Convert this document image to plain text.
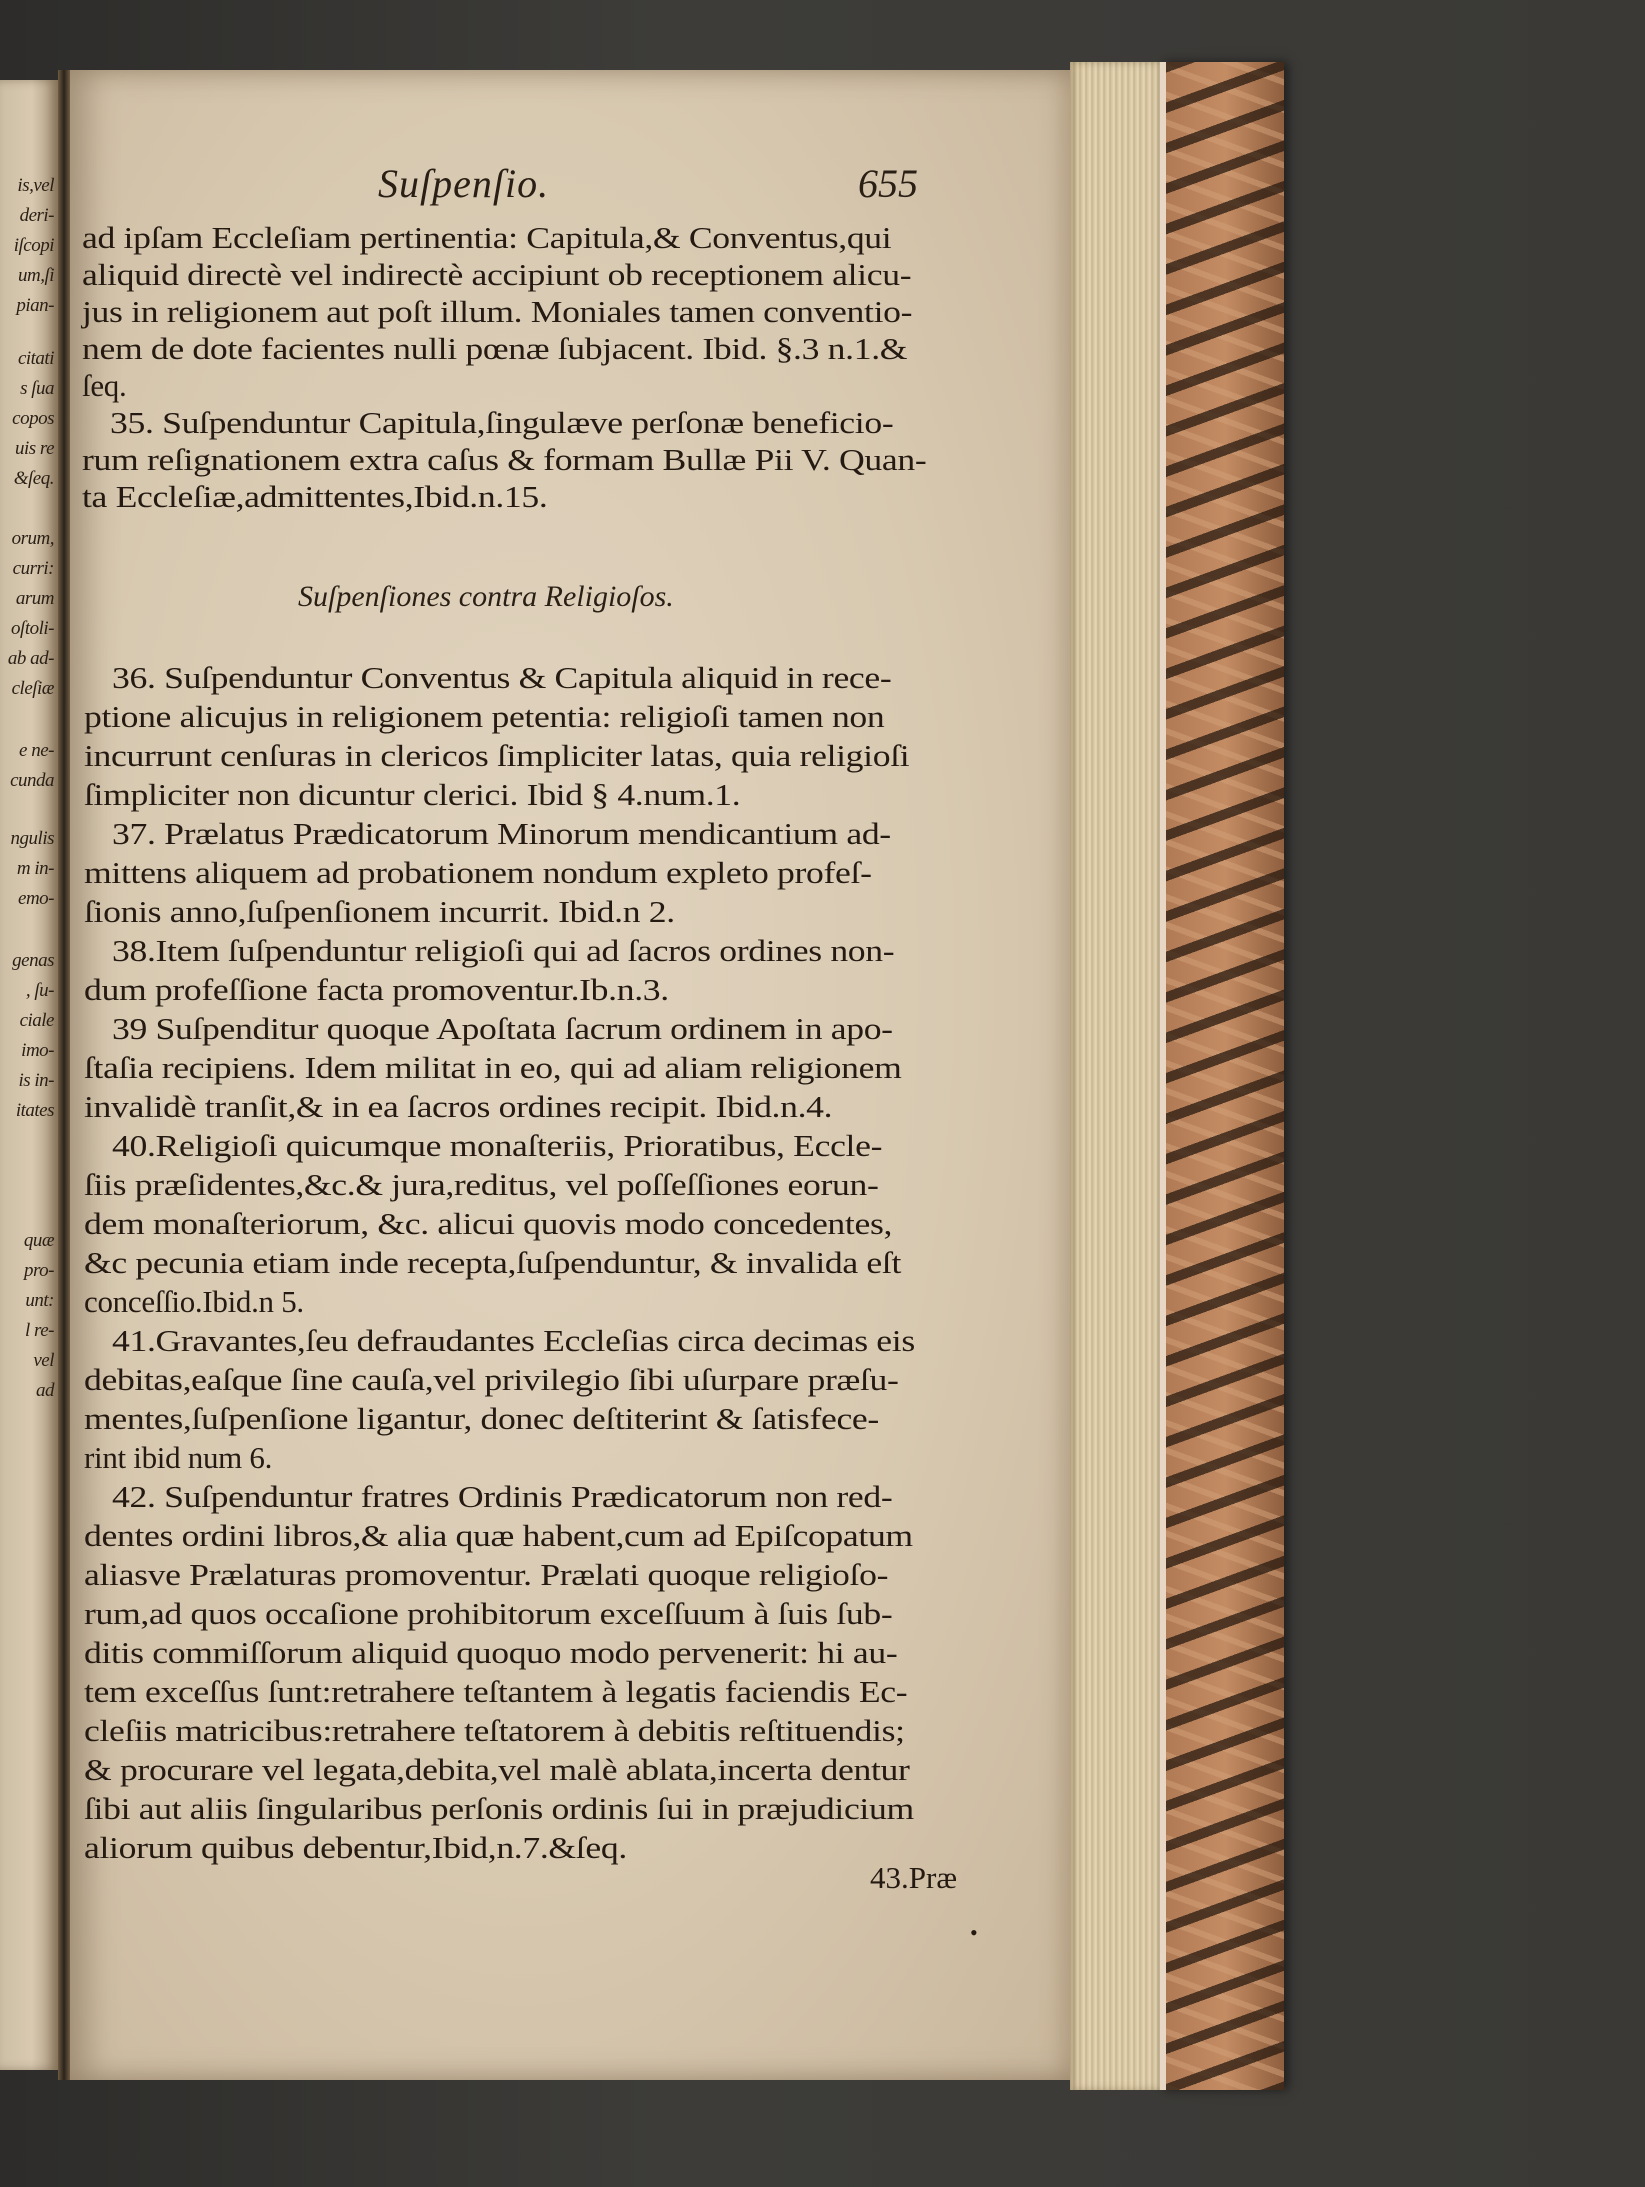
is,vel
deri-
iſcopi
um,ſi
pian-
citati
s ſua
copos
uis re
&ſeq.
orum,
curri:
arum
oſtoli-
ab ad-
cleſiæ
e ne-
cunda
ngulis
m in-
emo-
genas
, ſu-
ciale
imo-
is in-
itates
quæ
pro-
unt:
l re-
vel
ad
Suſpenſio.	655
ad ipſam Eccleſiam pertinentia: Capitula,& Conventus,qui
aliquid directè vel indirectè accipiunt ob receptionem alicu-
jus in religionem aut poſt illum. Moniales tamen conventio-
nem de dote facientes nulli pœnæ ſubjacent. Ibid. §.3 n.1.&
ſeq.
35. Suſpenduntur Capitula,ſingulæve perſonæ beneficio-
rum reſignationem extra caſus & formam Bullæ Pii V. Quan-
ta Eccleſiæ,admittentes,Ibid.n.15.
Suſpenſiones contra Religioſos.
36. Suſpenduntur Conventus & Capitula aliquid in rece-
ptione alicujus in religionem petentia: religioſi tamen non
incurrunt cenſuras in clericos ſimpliciter latas, quia religioſi
ſimpliciter non dicuntur clerici. Ibid § 4.num.1.
37. Prælatus Prædicatorum Minorum mendicantium ad-
mittens aliquem ad probationem nondum expleto profeſ-
ſionis anno,ſuſpenſionem incurrit. Ibid.n 2.
38.Item ſuſpenduntur religioſi qui ad ſacros ordines non-
dum profeſſione facta promoventur.Ib.n.3.
39 Suſpenditur quoque Apoſtata ſacrum ordinem in apo-
ſtaſia recipiens. Idem militat in eo, qui ad aliam religionem
invalidè tranſit,& in ea ſacros ordines recipit. Ibid.n.4.
40.Religioſi quicumque monaſteriis, Prioratibus, Eccle-
ſiis præſidentes,&c.& jura,reditus, vel poſſeſſiones eorun-
dem monaſteriorum, &c. alicui quovis modo concedentes,
&c pecunia etiam inde recepta,ſuſpenduntur, & invalida eſt
conceſſio.Ibid.n 5.
41.Gravantes,ſeu defraudantes Eccleſias circa decimas eis
debitas,eaſque ſine cauſa,vel privilegio ſibi uſurpare præſu-
mentes,ſuſpenſione ligantur, donec deſtiterint & ſatisfece-
rint ibid num 6.
42. Suſpenduntur fratres Ordinis Prædicatorum non red-
dentes ordini libros,& alia quæ habent,cum ad Epiſcopatum
aliasve Prælaturas promoventur. Prælati quoque religioſo-
rum,ad quos occaſione prohibitorum exceſſuum à ſuis ſub-
ditis commiſſorum aliquid quoquo modo pervenerit: hi au-
tem exceſſus ſunt:retrahere teſtantem à legatis faciendis Ec-
cleſiis matricibus:retrahere teſtatorem à debitis reſtituendis;
& procurare vel legata,debita,vel malè ablata,incerta dentur
ſibi aut aliis ſingularibus perſonis ordinis ſui in præjudicium
aliorum quibus debentur,Ibid,n.7.&ſeq.
43.Præ
•
